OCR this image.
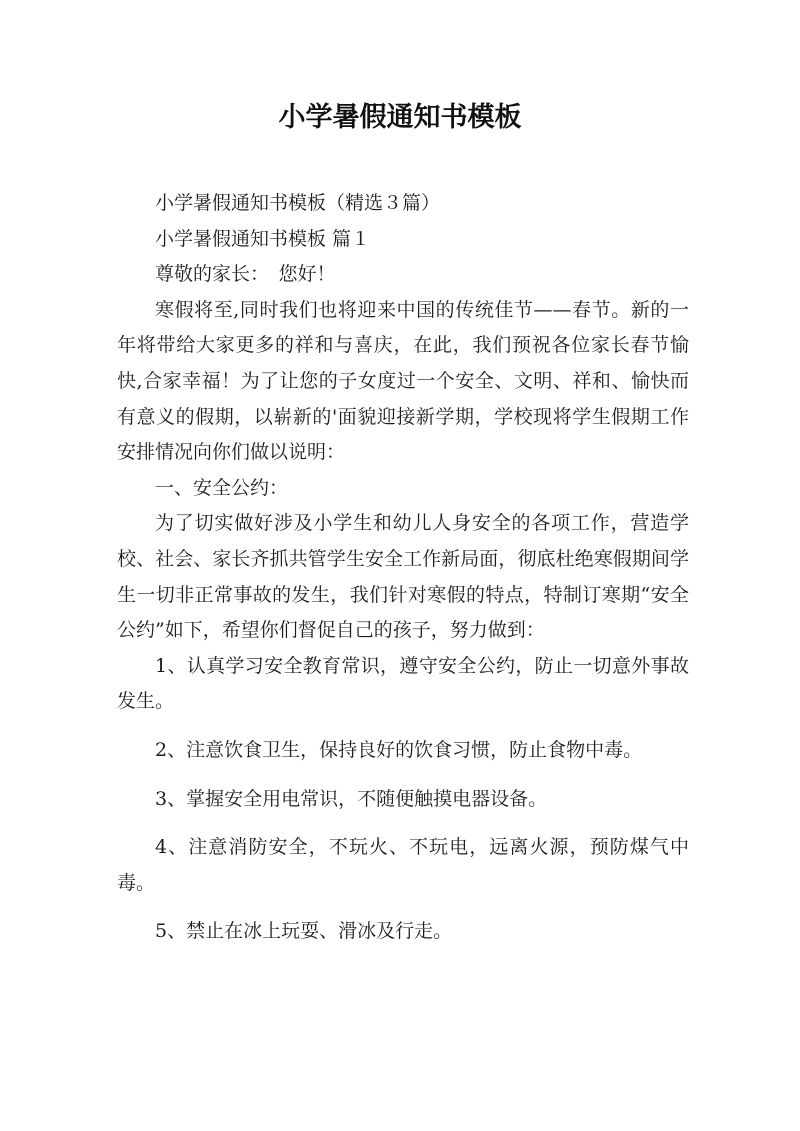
小学暑假通知书模板

小学暑假通知书模板（精选３篇）

小学暑假通知书模板 篇１

尊敬的家长：　您好！

寒假将至,同时我们也将迎来中国的传统佳节——春节。新的一年将带给大家更多的祥和与喜庆，在此，我们预祝各位家长春节愉快,合家幸福！为了让您的子女度过一个安全、文明、祥和、愉快而有意义的假期，以崭新的'面貌迎接新学期，学校现将学生假期工作安排情况向你们做以说明：

一、安全公约：

为了切实做好涉及小学生和幼儿人身安全的各项工作，营造学校、社会、家长齐抓共管学生安全工作新局面，彻底杜绝寒假期间学生一切非正常事故的发生，我们针对寒假的特点，特制订寒期“安全公约”如下，希望你们督促自己的孩子，努力做到：

1、认真学习安全教育常识，遵守安全公约，防止一切意外事故发生。

2、注意饮食卫生，保持良好的饮食习惯，防止食物中毒。

3、掌握安全用电常识，不随便触摸电器设备。

4、注意消防安全，不玩火、不玩电，远离火源，预防煤气中毒。

5、禁止在冰上玩耍、滑冰及行走。
